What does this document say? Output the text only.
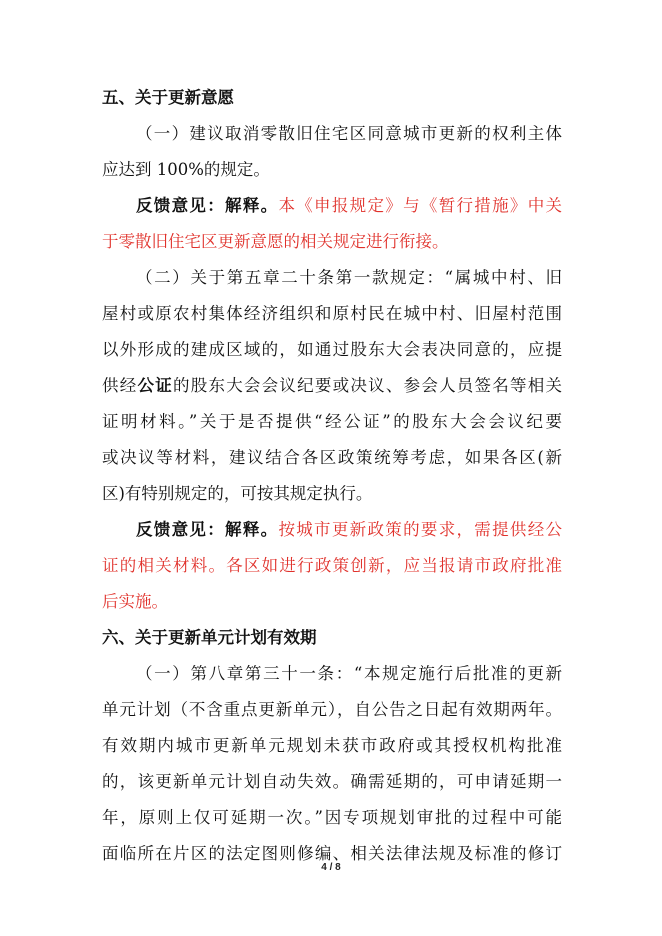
五、关于更新意愿
（一）建议取消零散旧住宅区同意城市更新的权利主体
应达到 100%的规定。
反馈意见：解释。本《申报规定》与《暂行措施》中关
于零散旧住宅区更新意愿的相关规定进行衔接。
（二）关于第五章二十条第一款规定：“属城中村、旧
屋村或原农村集体经济组织和原村民在城中村、旧屋村范围
以外形成的建成区域的，如通过股东大会表决同意的，应提
供经公证的股东大会会议纪要或决议、参会人员签名等相关
证明材料。”关于是否提供“经公证”的股东大会会议纪要
或决议等材料，建议结合各区政策统筹考虑，如果各区(新
区)有特别规定的，可按其规定执行。
反馈意见：解释。按城市更新政策的要求，需提供经公
证的相关材料。各区如进行政策创新，应当报请市政府批准
后实施。
六、关于更新单元计划有效期
（一）第八章第三十一条：“本规定施行后批准的更新
单元计划（不含重点更新单元），自公告之日起有效期两年。
有效期内城市更新单元规划未获市政府或其授权机构批准
的，该更新单元计划自动失效。确需延期的，可申请延期一
年，原则上仅可延期一次。”因专项规划审批的过程中可能
面临所在片区的法定图则修编、相关法律法规及标准的修订
4 / 8
